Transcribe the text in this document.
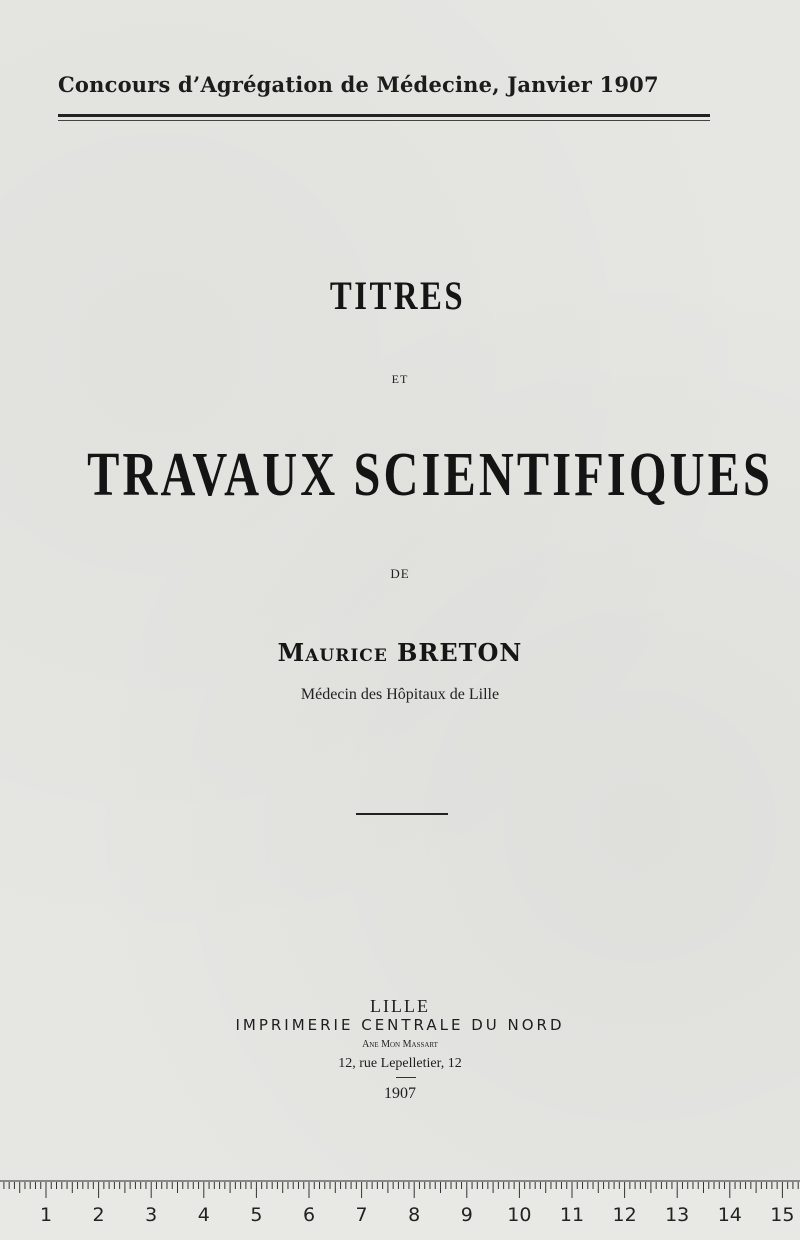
Concours d’Agrégation de Médecine, Janvier 1907
TITRES
ET
TRAVAUX SCIENTIFIQUES
DE
Maurice BRETON
Médecin des Hôpitaux de Lille
LILLE
IMPRIMERIE CENTRALE DU NORD
Ane Mon Massart
12, rue Lepelletier, 12
1907
1 2 3 4 5 6 7 8 9 10 11 12 13 14 15
